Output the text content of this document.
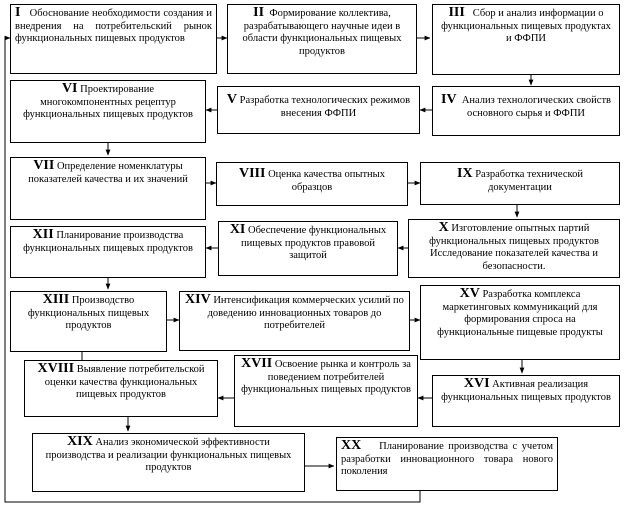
I Обоснование необходимости создания и внедрения на потребительский рынок функциональных пищевых продуктов
II Формирование коллектива, разрабатывающего научные идеи в области функциональных пищевых продуктов
III Сбор и анализ информации о функциональных пищевых продуктах и ФФПИ
VI Проектирование многокомпонентных рецептур функциональных пищевых продуктов
V Разработка технологических режимов внесения ФФПИ
IV Анализ технологических свойств основного сырья и ФФПИ
VII Определение номенклатуры показателей качества и их значений	VIII Оценка качества опытных образцов
IX Разработка технической документации
XII Планирование производства функциональных пищевых продуктов
XI Обеспечение функциональных пищевых продуктов правовой защитой
X Изготовление опытных партий функциональных пищевых продуктов Исследование показателей качества и безопасности.
XIII Производство функциональных пищевых продуктов
XIV Интенсификация коммерческих усилий по доведению инновационных товаров до потребителей
XV Разработка комплекса маркетинговых коммуникаций для формирования спроса на функциональные пищевые продукты
XVIII Выявление потребительской оценки качества функциональных пищевых продуктов
XVII Освоение рынка и контроль за поведением потребителей функциональных пищевых продуктов	XVI Активная реализация функциональных пищевых продуктов
XIX Анализ экономической эффективности производства и реализации функциональных пищевых продуктов
XX Планирование производства с учетом разработки инновационного товара нового поколения
